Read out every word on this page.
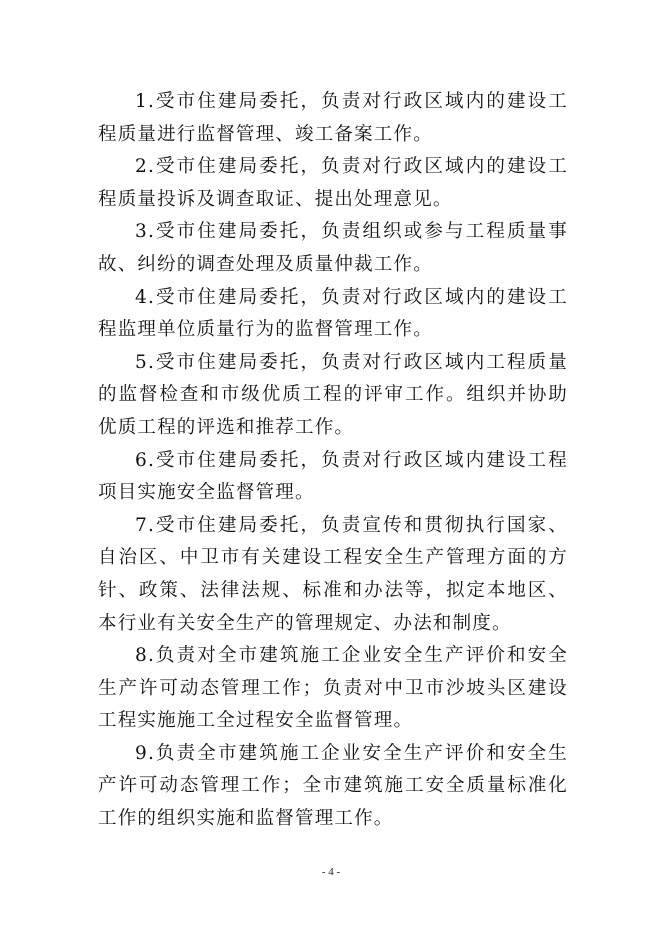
1.受市住建局委托，负责对行政区域内的建设工程质量进行监督管理、竣工备案工作。

2.受市住建局委托，负责对行政区域内的建设工程质量投诉及调查取证、提出处理意见。

3.受市住建局委托，负责组织或参与工程质量事故、纠纷的调查处理及质量仲裁工作。

4.受市住建局委托，负责对行政区域内的建设工程监理单位质量行为的监督管理工作。

5.受市住建局委托，负责对行政区域内工程质量的监督检查和市级优质工程的评审工作。组织并协助优质工程的评选和推荐工作。

6.受市住建局委托，负责对行政区域内建设工程项目实施安全监督管理。

7.受市住建局委托，负责宣传和贯彻执行国家、自治区、中卫市有关建设工程安全生产管理方面的方针、政策、法律法规、标准和办法等，拟定本地区、本行业有关安全生产的管理规定、办法和制度。

8.负责对全市建筑施工企业安全生产评价和安全生产许可动态管理工作；负责对中卫市沙坡头区建设工程实施施工全过程安全监督管理。

9.负责全市建筑施工企业安全生产评价和安全生产许可动态管理工作；全市建筑施工安全质量标准化工作的组织实施和监督管理工作。

- 4 -
